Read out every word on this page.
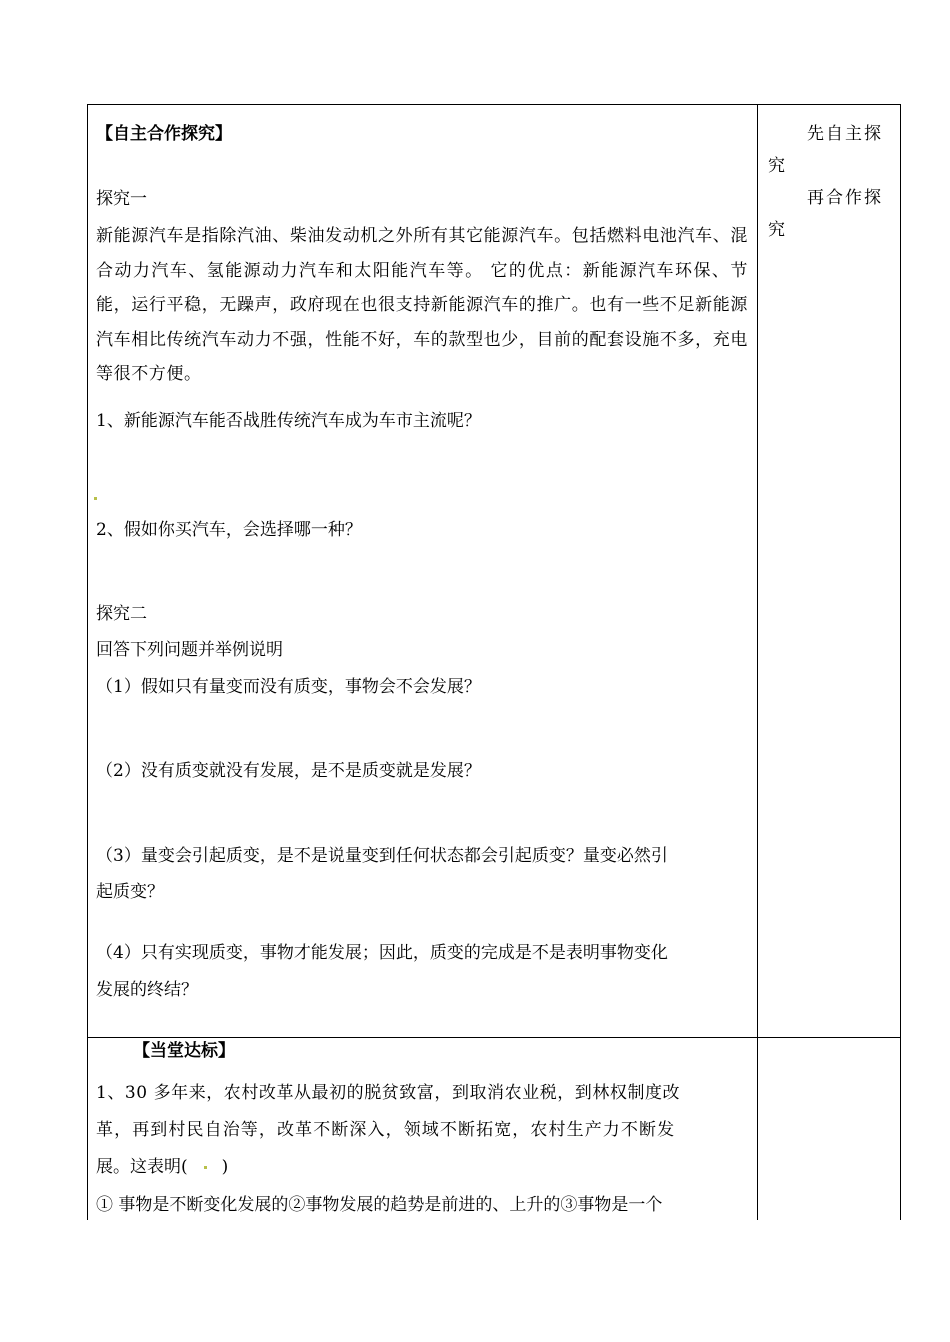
【自主合作探究】
探究一
新能源汽车是指除汽油、柴油发动机之外所有其它能源汽车。包括燃料电池汽车、混合动力汽车、氢能源动力汽车和太阳能汽车等。 它的优点：新能源汽车环保、节能，运行平稳，无躁声，政府现在也很支持新能源汽车的推广。也有一些不足新能源汽车相比传统汽车动力不强，性能不好，车的款型也少，目前的配套设施不多，充电等很不方便。
1、新能源汽车能否战胜传统汽车成为车市主流呢？
2、假如你买汽车，会选择哪一种？
探究二
回答下列问题并举例说明
（1）假如只有量变而没有质变，事物会不会发展？
（2）没有质变就没有发展，是不是质变就是发展？
（3）量变会引起质变，是不是说量变到任何状态都会引起质变？量变必然引
起质变？
（4）只有实现质变，事物才能发展；因此，质变的完成是不是表明事物变化
发展的终结？
先自主探
究
再合作探
究
【当堂达标】
1、30 多年来，农村改革从最初的脱贫致富，到取消农业税，到林权制度改
革，再到村民自治等，改革不断深入，领域不断拓宽，农村生产力不断发
展。这表明( )
① 事物是不断变化发展的②事物发展的趋势是前进的、上升的③事物是一个
